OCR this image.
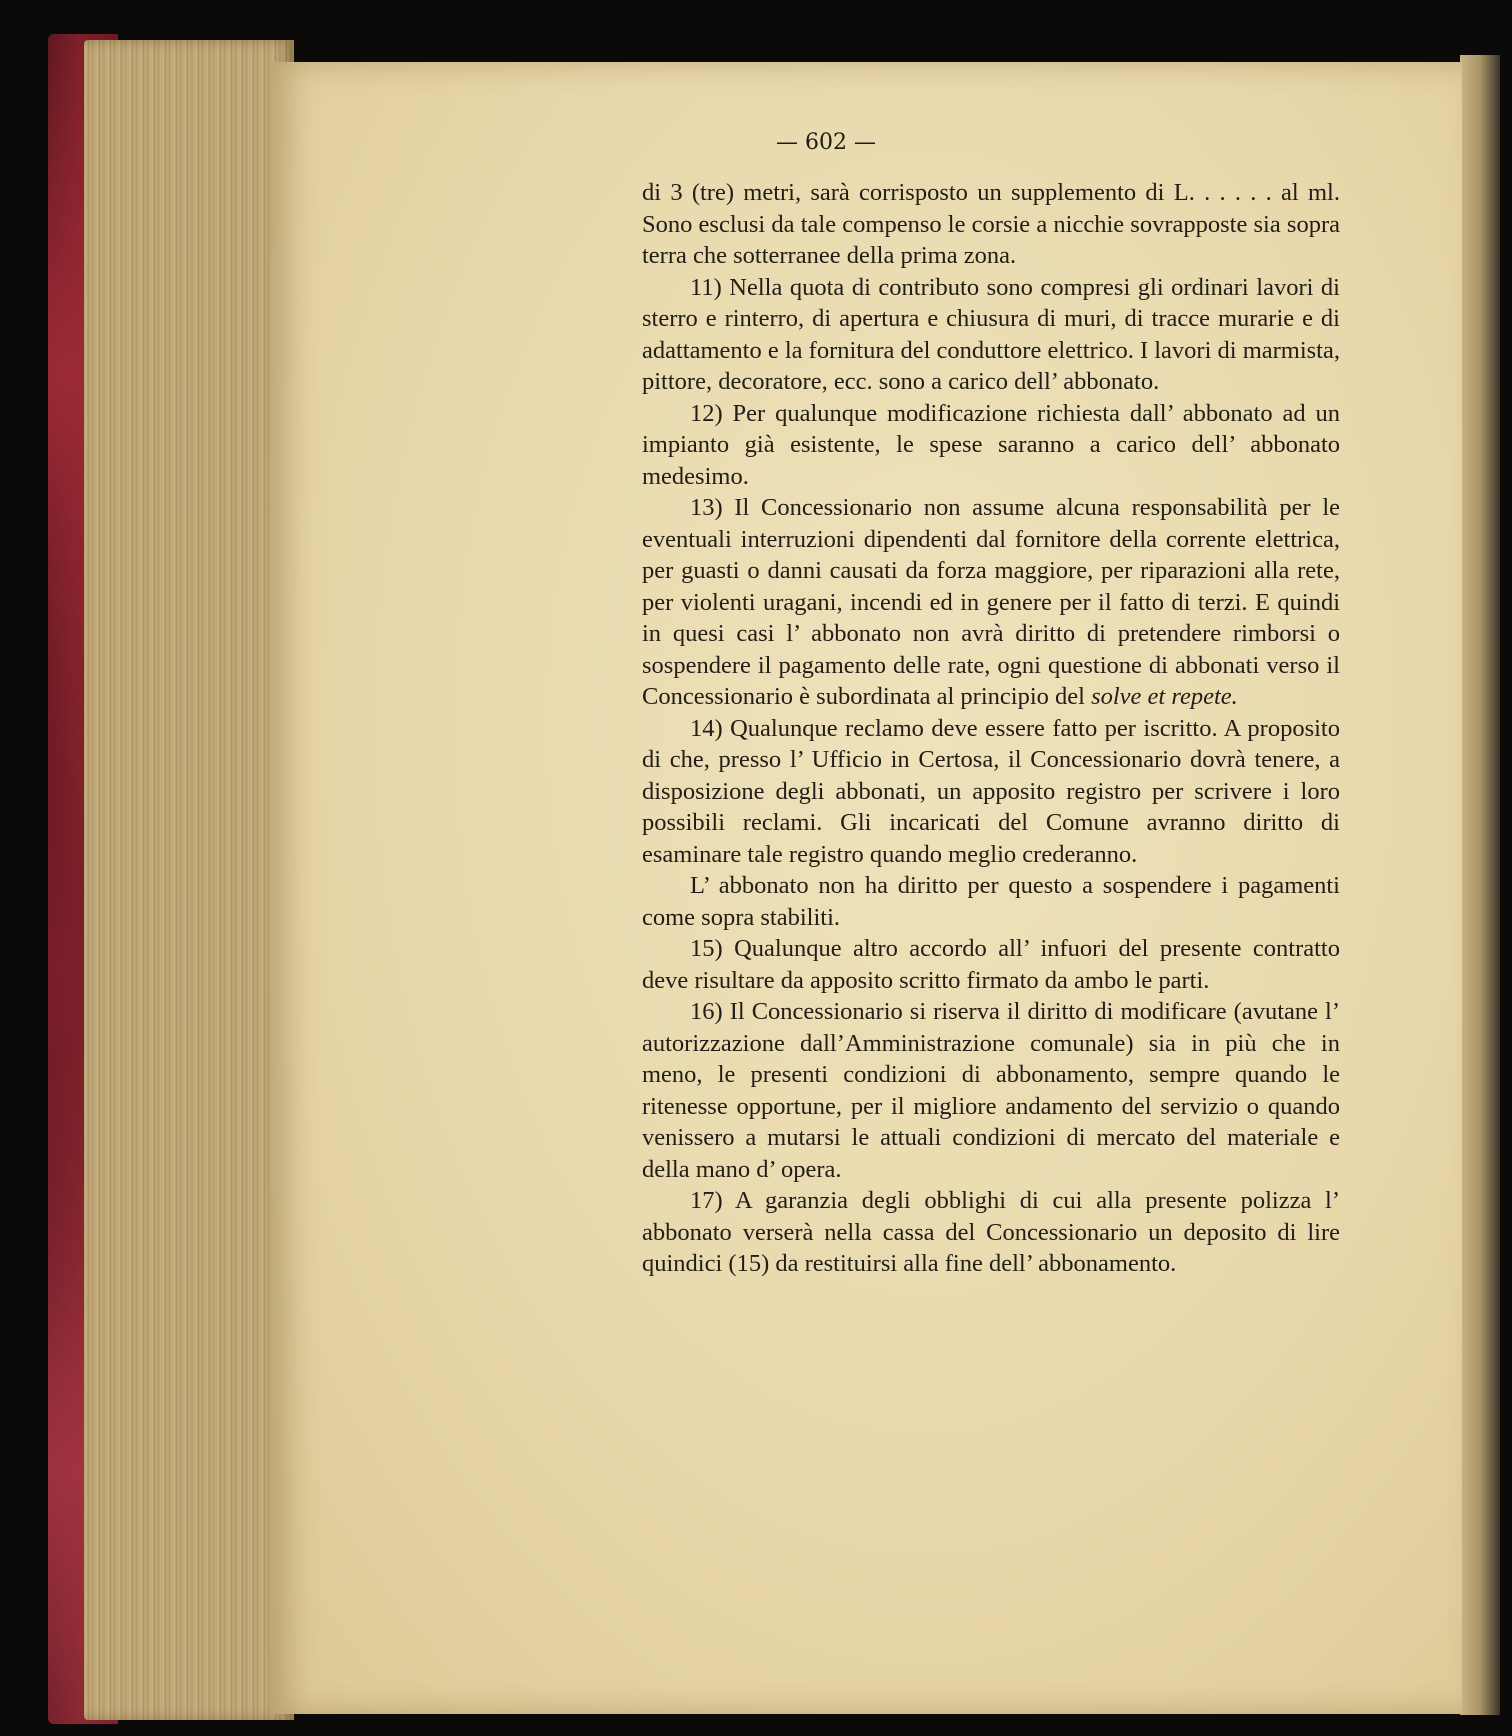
— 602 —

di 3 (tre) metri, sarà corrisposto un supplemento di L. . . . . . al ml. Sono esclusi da tale compenso le corsie a nicchie sovrapposte sia sopra terra che sotterranee della prima zona.

11) Nella quota di contributo sono compresi gli ordinari lavori di sterro e rinterro, di apertura e chiusura di muri, di tracce murarie e di adattamento e la fornitura del conduttore elettrico. I lavori di marmista, pittore, decoratore, ecc. sono a carico dell’ abbonato.

12) Per qualunque modificazione richiesta dall’ abbonato ad un impianto già esistente, le spese saranno a carico dell’ abbonato medesimo.

13) Il Concessionario non assume alcuna responsabilità per le eventuali interruzioni dipendenti dal fornitore della corrente elettrica, per guasti o danni causati da forza maggiore, per riparazioni alla rete, per violenti uragani, incendi ed in genere per il fatto di terzi. E quindi in quesi casi l’ abbonato non avrà diritto di pretendere rimborsi o sospendere il pagamento delle rate, ogni questione di abbonati verso il Concessionario è subordinata al principio del solve et repete.

14) Qualunque reclamo deve essere fatto per iscritto. A proposito di che, presso l’ Ufficio in Certosa, il Concessionario dovrà tenere, a disposizione degli abbonati, un apposito registro per scrivere i loro possibili reclami. Gli incaricati del Comune avranno diritto di esaminare tale registro quando meglio crederanno.

L’ abbonato non ha diritto per questo a sospendere i pagamenti come sopra stabiliti.

15) Qualunque altro accordo all’ infuori del presente contratto deve risultare da apposito scritto firmato da ambo le parti.

16) Il Concessionario si riserva il diritto di modificare (avutane l’ autorizzazione dall’Amministrazione comunale) sia in più che in meno, le presenti condizioni di abbonamento, sempre quando le ritenesse opportune, per il migliore andamento del servizio o quando venissero a mutarsi le attuali condizioni di mercato del materiale e della mano d’ opera.

17) A garanzia degli obblighi di cui alla presente polizza l’ abbonato verserà nella cassa del Concessionario un deposito di lire quindici (15) da restituirsi alla fine dell’ abbonamento.
